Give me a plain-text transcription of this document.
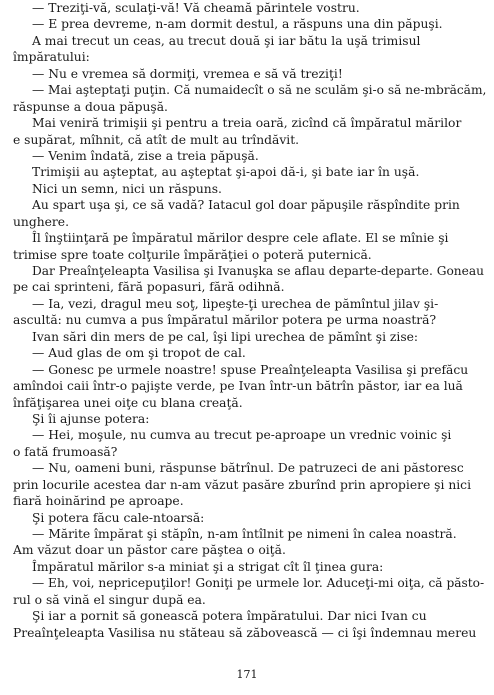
— Treziţi-vă, sculaţi-vă! Vă cheamă părintele vostru.
— E prea devreme, n-am dormit destul, a răspuns una din păpuşi.
A mai trecut un ceas, au trecut două şi iar bătu la uşă trimisul
împăratului:
— Nu e vremea să dormiţi, vremea e să vă treziţi!
— Mai aşteptaţi puţin. Că numaidecît o să ne sculăm şi-o să ne-mbrăcăm,
răspunse a doua păpuşă.
Mai veniră trimişii şi pentru a treia oară, zicînd că împăratul mărilor
e supărat, mîhnit, că atît de mult au trîndăvit.
— Venim îndată, zise a treia păpuşă.
Trimişii au aşteptat, au aşteptat şi-apoi dă-i, şi bate iar în uşă.
Nici un semn, nici un răspuns.
Au spart uşa şi, ce să vadă? Iatacul gol doar păpuşile răspîndite prin
unghere.
Îl înştiinţară pe împăratul mărilor despre cele aflate. El se mînie şi
trimise spre toate colţurile împărăţiei o poteră puternică.
Dar Preaînţeleapta Vasilisa şi Ivanuşka se aflau departe-departe. Goneau
pe cai sprinteni, fără popasuri, fără odihnă.
— Ia, vezi, dragul meu soţ, lipeşte-ţi urechea de pămîntul jilav şi-
ascultă: nu cumva a pus împăratul mărilor potera pe urma noastră?
Ivan sări din mers de pe cal, îşi lipi urechea de pămînt şi zise:
— Aud glas de om şi tropot de cal.
— Gonesc pe urmele noastre! spuse Preaînţeleapta Vasilisa şi prefăcu
amîndoi caii într-o pajişte verde, pe Ivan într-un bătrîn păstor, iar ea luă
înfăţişarea unei oiţe cu blana creaţă.
Şi îi ajunse potera:
— Hei, moşule, nu cumva au trecut pe-aproape un vrednic voinic şi
o fată frumoasă?
— Nu, oameni buni, răspunse bătrînul. De patruzeci de ani păstoresc
prin locurile acestea dar n-am văzut pasăre zburînd prin apropiere şi nici
fiară hoinărind pe aproape.
Şi potera făcu cale-ntoarsă:
— Mărite împărat şi stăpîn, n-am întîlnit pe nimeni în calea noastră.
Am văzut doar un păstor care păştea o oiţă.
Împăratul mărilor s-a miniat şi a strigat cît îl ţinea gura:
— Eh, voi, nepricepuţilor! Goniţi pe urmele lor. Aduceţi-mi oiţa, că păsto-
rul o să vină el singur după ea.
Şi iar a pornit să gonească potera împăratului. Dar nici Ivan cu
Preaînţeleapta Vasilisa nu stăteau să zăbovească — ci îşi îndemnau mereu
171
